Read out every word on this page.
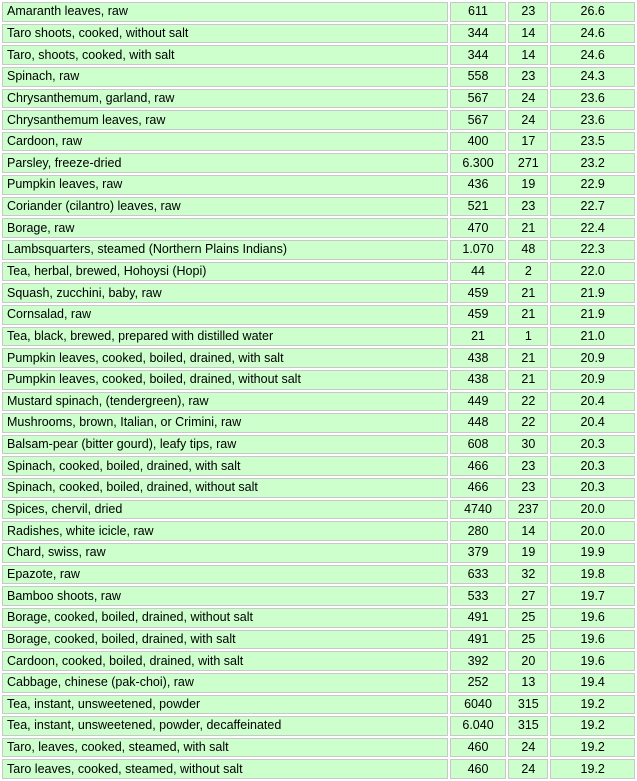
Amaranth leaves, raw	611	23	26.6
Taro shoots, cooked, without salt	344	14	24.6
Taro, shoots, cooked, with salt	344	14	24.6
Spinach, raw	558	23	24.3
Chrysanthemum, garland, raw	567	24	23.6
Chrysanthemum leaves, raw	567	24	23.6
Cardoon, raw	400	17	23.5
Parsley, freeze-dried	6.300	271	23.2
Pumpkin leaves, raw	436	19	22.9
Coriander (cilantro) leaves, raw	521	23	22.7
Borage, raw	470	21	22.4
Lambsquarters, steamed (Northern Plains Indians)	1.070	48	22.3
Tea, herbal, brewed, Hohoysi (Hopi)	44	2	22.0
Squash, zucchini, baby, raw	459	21	21.9
Cornsalad, raw	459	21	21.9
Tea, black, brewed, prepared with distilled water	21	1	21.0
Pumpkin leaves, cooked, boiled, drained, with salt	438	21	20.9
Pumpkin leaves, cooked, boiled, drained, without salt	438	21	20.9
Mustard spinach, (tendergreen), raw	449	22	20.4
Mushrooms, brown, Italian, or Crimini, raw	448	22	20.4
Balsam-pear (bitter gourd), leafy tips, raw	608	30	20.3
Spinach, cooked, boiled, drained, with salt	466	23	20.3
Spinach, cooked, boiled, drained, without salt	466	23	20.3
Spices, chervil, dried	4740	237	20.0
Radishes, white icicle, raw	280	14	20.0
Chard, swiss, raw	379	19	19.9
Epazote, raw	633	32	19.8
Bamboo shoots, raw	533	27	19.7
Borage, cooked, boiled, drained, without salt	491	25	19.6
Borage, cooked, boiled, drained, with salt	491	25	19.6
Cardoon, cooked, boiled, drained, with salt	392	20	19.6
Cabbage, chinese (pak-choi), raw	252	13	19.4
Tea, instant, unsweetened, powder	6040	315	19.2
Tea, instant, unsweetened, powder, decaffeinated	6.040	315	19.2
Taro, leaves, cooked, steamed, with salt	460	24	19.2
Taro leaves, cooked, steamed, without salt	460	24	19.2
